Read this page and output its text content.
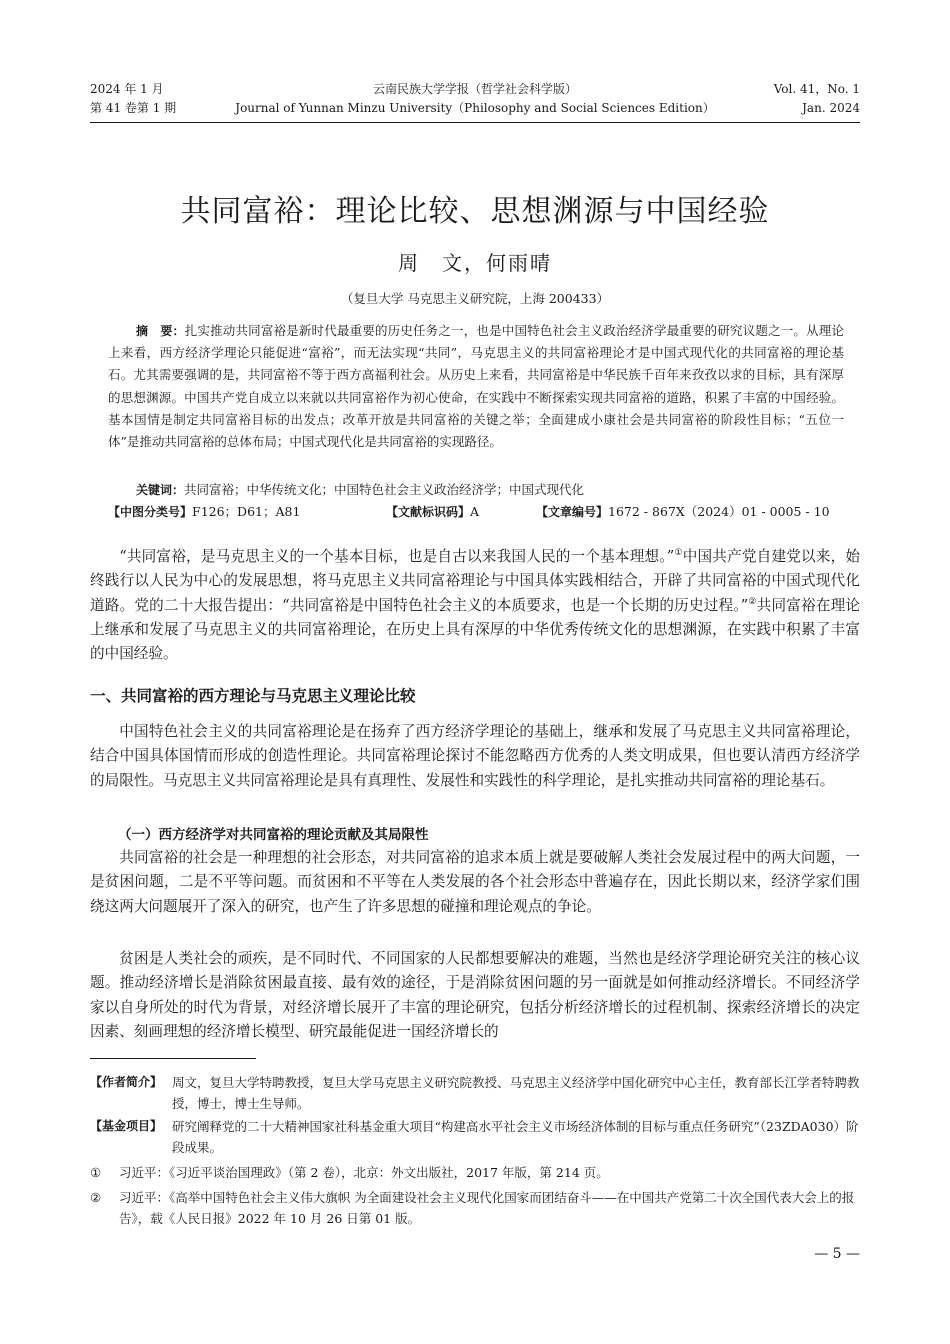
2024 年 1 月
第 41 卷第 1 期
云南民族大学学报（哲学社会科学版）
Journal of Yunnan Minzu University（Philosophy and Social Sciences Edition）
Vol. 41，No. 1
Jan. 2024
共同富裕：理论比较、思想渊源与中国经验
周　文，何雨晴
（复旦大学 马克思主义研究院，上海 200433）

摘　要：扎实推动共同富裕是新时代最重要的历史任务之一，也是中国特色社会主义政治经济学最重要的研究议题之一。从理论上来看，西方经济学理论只能促进“富裕”，而无法实现“共同”，马克思主义的共同富裕理论才是中国式现代化的共同富裕的理论基石。尤其需要强调的是，共同富裕不等于西方高福利社会。从历史上来看，共同富裕是中华民族千百年来孜孜以求的目标，具有深厚的思想渊源。中国共产党自成立以来就以共同富裕作为初心使命，在实践中不断探索实现共同富裕的道路，积累了丰富的中国经验。基本国情是制定共同富裕目标的出发点；改革开放是共同富裕的关键之举；全面建成小康社会是共同富裕的阶段性目标；“五位一体”是推动共同富裕的总体布局；中国式现代化是共同富裕的实现路径。

关键词：共同富裕；中华传统文化；中国特色社会主义政治经济学；中国式现代化

【中图分类号】F126；D61；A81	【文献标识码】A	【文章编号】1672 - 867X（2024）01 - 0005 - 10

“共同富裕，是马克思主义的一个基本目标，也是自古以来我国人民的一个基本理想。”①中国共产党自建党以来，始终践行以人民为中心的发展思想，将马克思主义共同富裕理论与中国具体实践相结合，开辟了共同富裕的中国式现代化道路。党的二十大报告提出：“共同富裕是中国特色社会主义的本质要求，也是一个长期的历史过程。”②共同富裕在理论上继承和发展了马克思主义的共同富裕理论，在历史上具有深厚的中华优秀传统文化的思想渊源，在实践中积累了丰富的中国经验。

一、共同富裕的西方理论与马克思主义理论比较

中国特色社会主义的共同富裕理论是在扬弃了西方经济学理论的基础上，继承和发展了马克思主义共同富裕理论，结合中国具体国情而形成的创造性理论。共同富裕理论探讨不能忽略西方优秀的人类文明成果，但也要认清西方经济学的局限性。马克思主义共同富裕理论是具有真理性、发展性和实践性的科学理论，是扎实推动共同富裕的理论基石。

（一）西方经济学对共同富裕的理论贡献及其局限性

共同富裕的社会是一种理想的社会形态，对共同富裕的追求本质上就是要破解人类社会发展过程中的两大问题，一是贫困问题，二是不平等问题。而贫困和不平等在人类发展的各个社会形态中普遍存在，因此长期以来，经济学家们围绕这两大问题展开了深入的研究，也产生了许多思想的碰撞和理论观点的争论。

贫困是人类社会的顽疾，是不同时代、不同国家的人民都想要解决的难题，当然也是经济学理论研究关注的核心议题。推动经济增长是消除贫困最直接、最有效的途径，于是消除贫困问题的另一面就是如何推动经济增长。不同经济学家以自身所处的时代为背景，对经济增长展开了丰富的理论研究，包括分析经济增长的过程机制、探索经济增长的决定因素、刻画理想的经济增长模型、研究最能促进一国经济增长的

【作者简介】 周文，复旦大学特聘教授，复旦大学马克思主义研究院教授、马克思主义经济学中国化研究中心主任，教育部长江学者特聘教授，博士，博士生导师。
【基金项目】 研究阐释党的二十大精神国家社科基金重大项目“构建高水平社会主义市场经济体制的目标与重点任务研究”（23ZDA030）阶段成果。
① 习近平：《习近平谈治国理政》（第 2 卷），北京：外文出版社，2017 年版，第 214 页。
② 习近平：《高举中国特色社会主义伟大旗帜 为全面建设社会主义现代化国家而团结奋斗——在中国共产党第二十次全国代表大会上的报告》，载《人民日报》2022 年 10 月 26 日第 01 版。
— 5 —
